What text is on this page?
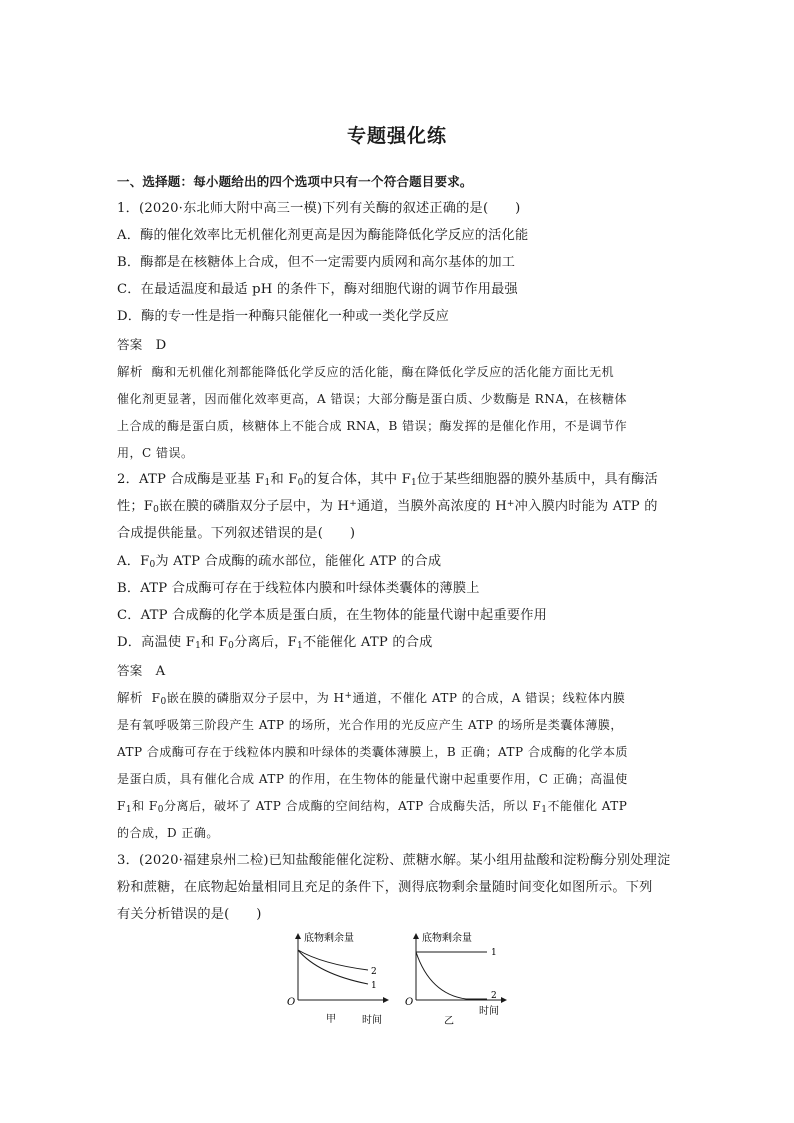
专题强化练
一、选择题：每小题给出的四个选项中只有一个符合题目要求。
1．(2020·东北师大附中高三一模)下列有关酶的叙述正确的是(　　)
A．酶的催化效率比无机催化剂更高是因为酶能降低化学反应的活化能
B．酶都是在核糖体上合成，但不一定需要内质网和高尔基体的加工
C．在最适温度和最适 pH 的条件下，酶对细胞代谢的调节作用最强
D．酶的专一性是指一种酶只能催化一种或一类化学反应
答案 D
解析 酶和无机催化剂都能降低化学反应的活化能，酶在降低化学反应的活化能方面比无机
催化剂更显著，因而催化效率更高，A 错误；大部分酶是蛋白质、少数酶是 RNA，在核糖体
上合成的酶是蛋白质，核糖体上不能合成 RNA，B 错误；酶发挥的是催化作用，不是调节作
用，C 错误。
2．ATP 合成酶是亚基 $F_1$和 $F_0$的复合体，其中 $F_1$位于某些细胞器的膜外基质中，具有酶活
性；$F_0$嵌在膜的磷脂双分子层中，为 H+通道，当膜外高浓度的 H+冲入膜内时能为 ATP 的
合成提供能量。下列叙述错误的是(　　)
A．$F_0$为 ATP 合成酶的疏水部位，能催化 ATP 的合成
B．ATP 合成酶可存在于线粒体内膜和叶绿体类囊体的薄膜上
C．ATP 合成酶的化学本质是蛋白质，在生物体的能量代谢中起重要作用
D．高温使 $F_1$和 $F_0$分离后，$F_1$不能催化 ATP 的合成
答案 A
解析 $F_0$嵌在膜的磷脂双分子层中，为 H+通道，不催化 ATP 的合成，A 错误；线粒体内膜
是有氧呼吸第三阶段产生 ATP 的场所，光合作用的光反应产生 ATP 的场所是类囊体薄膜，
ATP 合成酶可存在于线粒体内膜和叶绿体的类囊体薄膜上，B 正确；ATP 合成酶的化学本质
是蛋白质，具有催化合成 ATP 的作用，在生物体的能量代谢中起重要作用，C 正确；高温使
$F_1$和 $F_0$分离后，破坏了 ATP 合成酶的空间结构，ATP 合成酶失活，所以 $F_1$不能催化 ATP
的合成，D 正确。
3．(2020·福建泉州二检)已知盐酸能催化淀粉、蔗糖水解。某小组用盐酸和淀粉酶分别处理淀
粉和蔗糖，在底物起始量相同且充足的条件下，测得底物剩余量随时间变化如图所示。下列
有关分析错误的是(　　)
底物剩余量
2
1
O
甲	时间
底物剩余量
1
2
O
乙
时间
